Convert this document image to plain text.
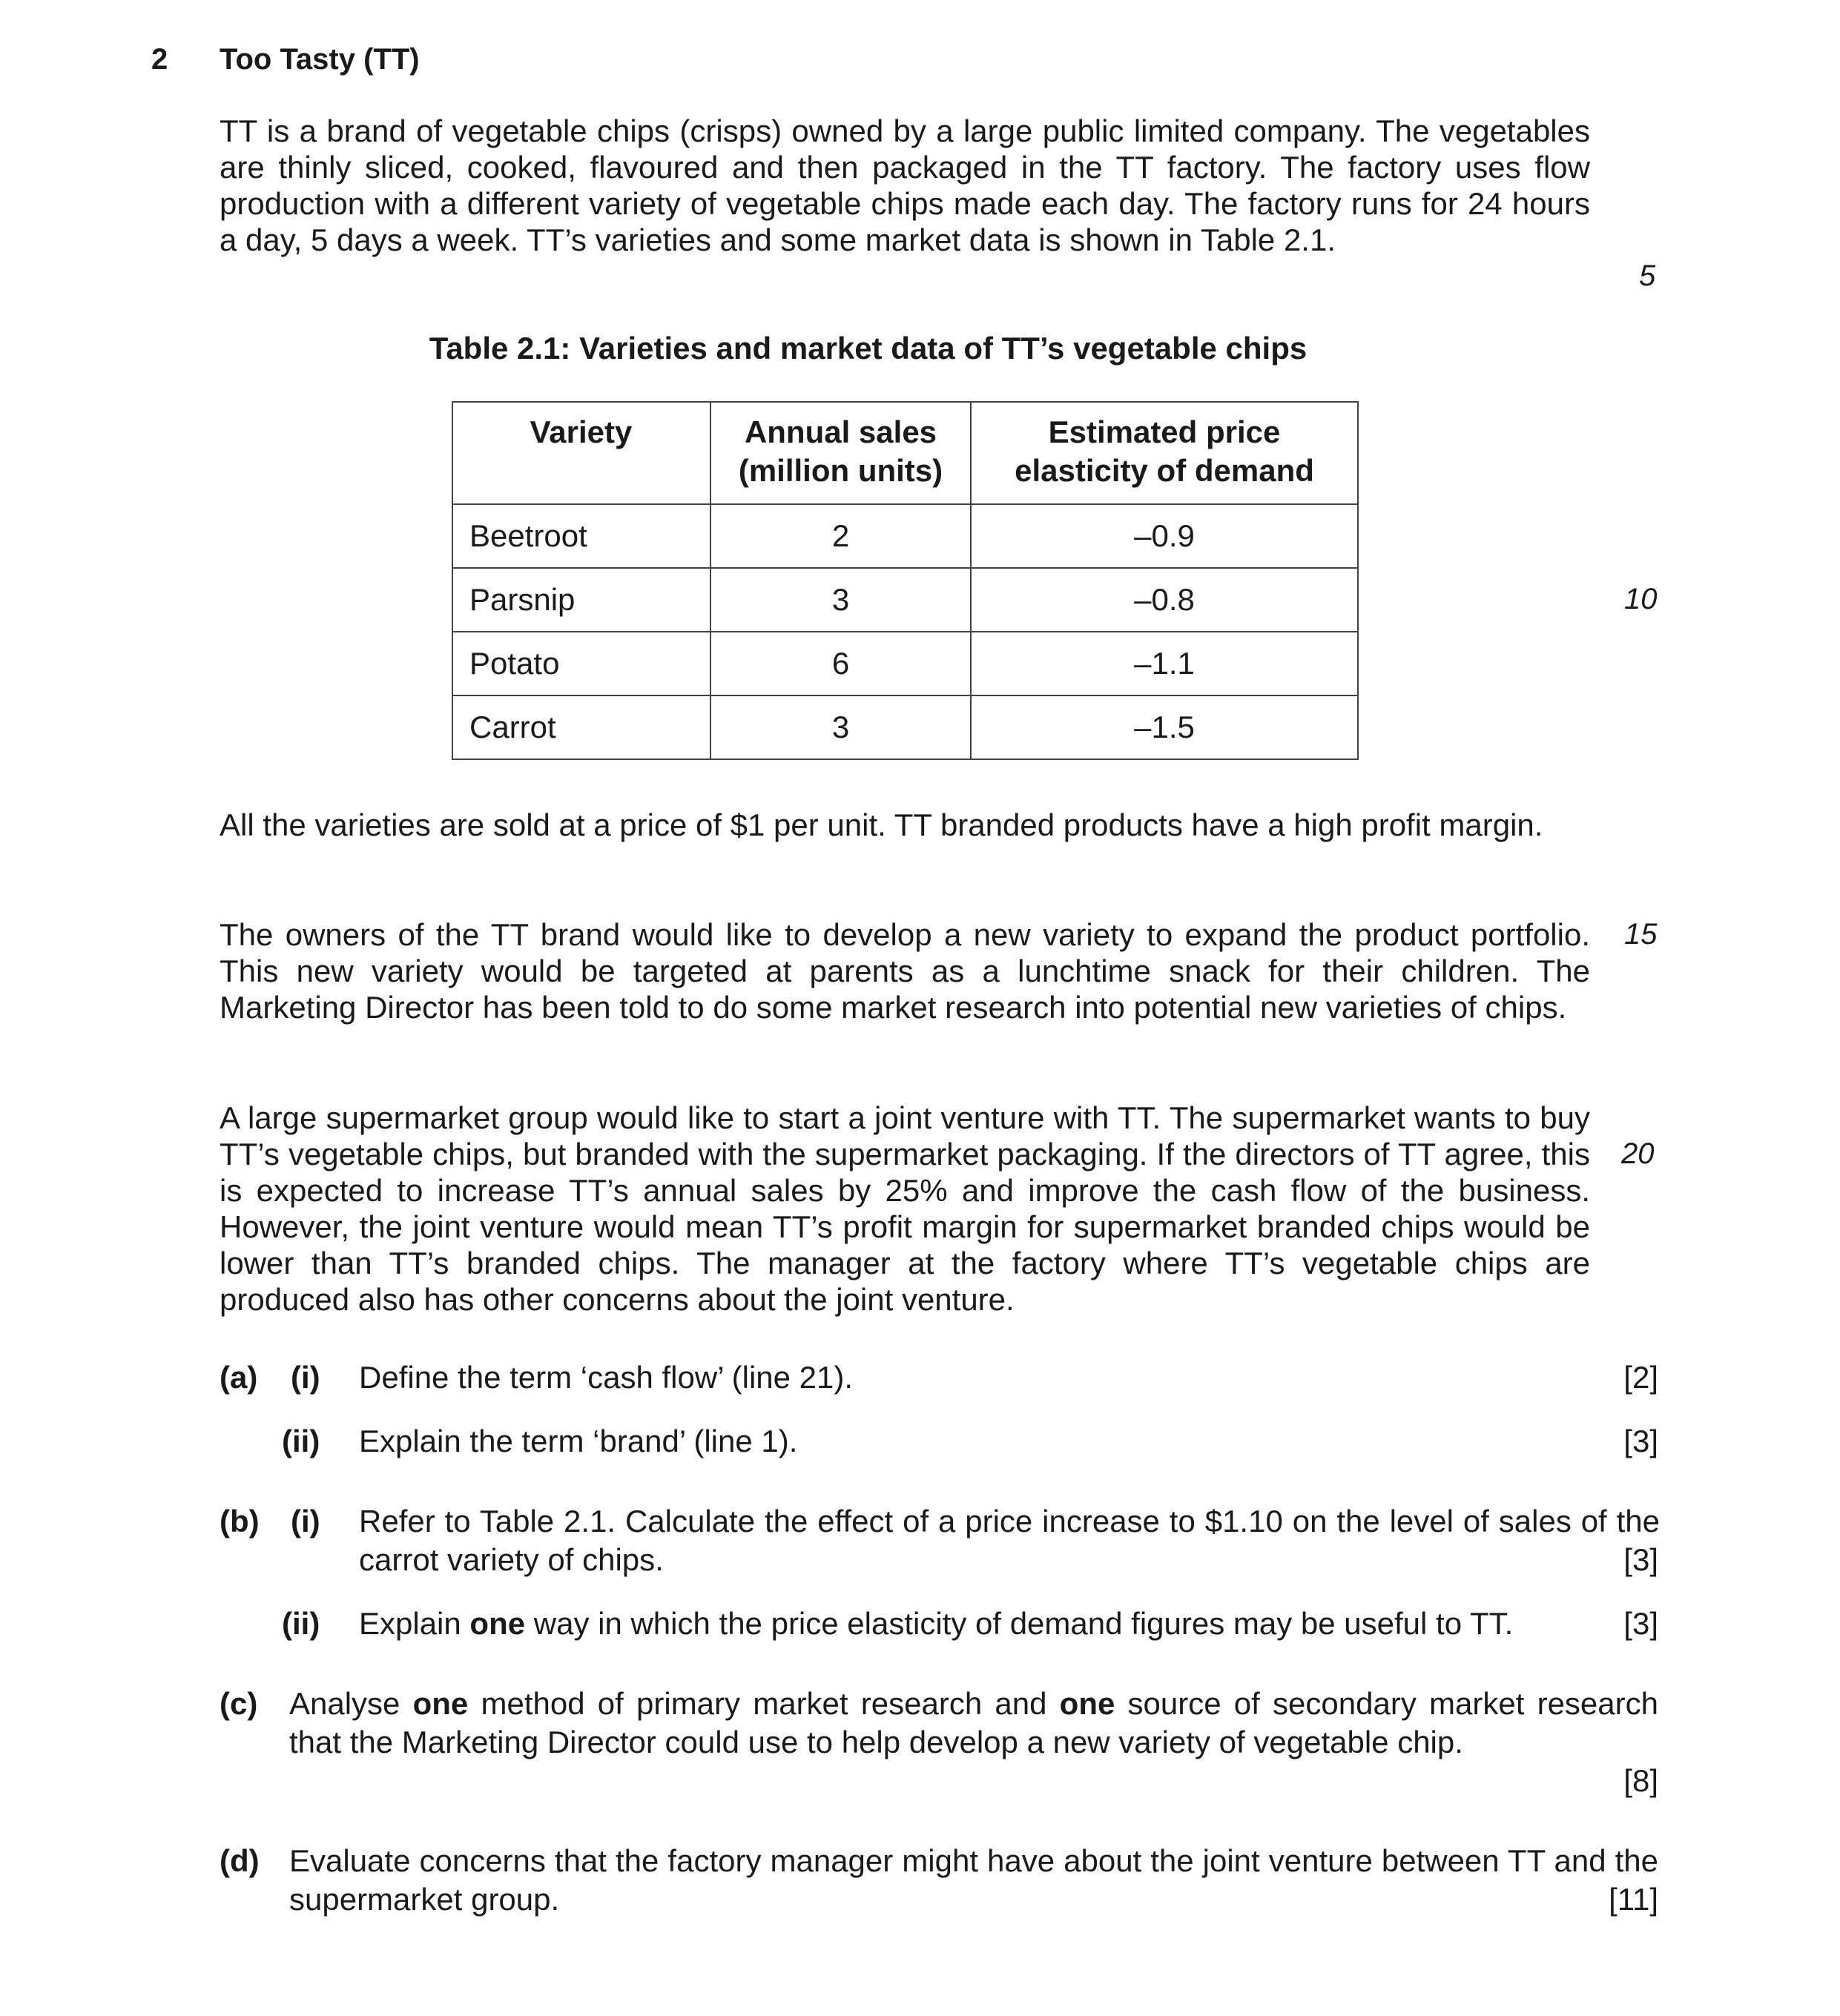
2 Too Tasty (TT)
TT is a brand of vegetable chips (crisps) owned by a large public limited company. The vegetables are thinly sliced, cooked, flavoured and then packaged in the TT factory. The factory uses flow production with a different variety of vegetable chips made each day. The factory runs for 24 hours a day, 5 days a week. TT’s varieties and some market data is shown in Table 2.1.
5
Table 2.1: Varieties and market data of TT’s vegetable chips
Variety	Annual sales (million units)	Estimated price elasticity of demand
Beetroot	2	–0.9
Parsnip	3	–0.8
Potato	6	–1.1
Carrot	3	–1.5
10
All the varieties are sold at a price of $1 per unit. TT branded products have a high profit margin.
The owners of the TT brand would like to develop a new variety to expand the product portfolio. This new variety would be targeted at parents as a lunchtime snack for their children. The Marketing Director has been told to do some market research into potential new varieties of chips.
15
A large supermarket group would like to start a joint venture with TT. The supermarket wants to buy TT’s vegetable chips, but branded with the supermarket packaging. If the directors of TT agree, this is expected to increase TT’s annual sales by 25% and improve the cash flow of the business. However, the joint venture would mean TT’s profit margin for supermarket branded chips would be lower than TT’s branded chips. The manager at the factory where TT’s vegetable chips are produced also has other concerns about the joint venture.
20
(a) (i) Define the term ‘cash flow’ (line 21).	[2]
(ii) Explain the term ‘brand’ (line 1).	[3]
(b) (i) Refer to Table 2.1. Calculate the effect of a price increase to $1.10 on the level of sales of the carrot variety of chips.	[3]
(ii) Explain one way in which the price elasticity of demand figures may be useful to TT.	[3]
(c) Analyse one method of primary market research and one source of secondary market research that the Marketing Director could use to help develop a new variety of vegetable chip.
[8]
(d) Evaluate concerns that the factory manager might have about the joint venture between TT and the supermarket group.	[11]
